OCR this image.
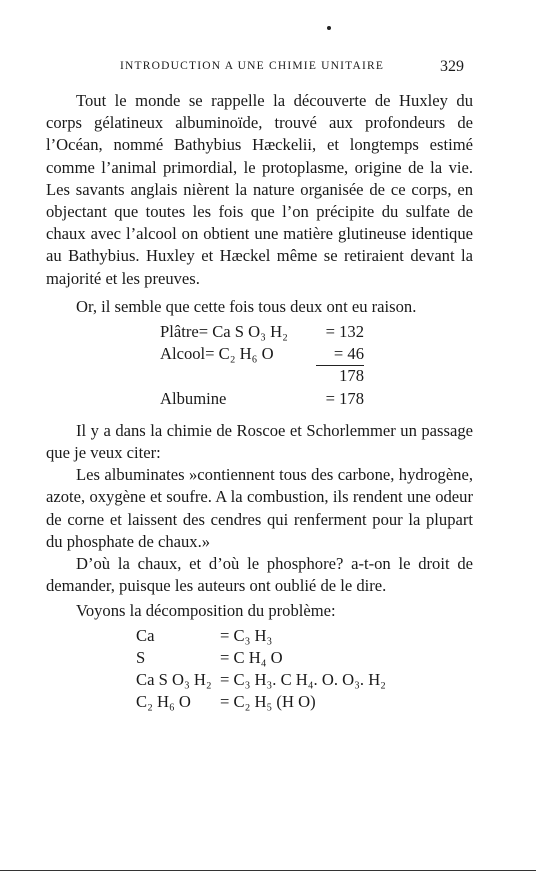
INTRODUCTION A UNE CHIMIE UNITAIRE	329

Tout le monde se rappelle la découverte de Huxley du corps gélatineux albuminoïde, trouvé aux profondeurs de l’Océan, nommé Bathybius Hæckelii, et longtemps estimé comme l’animal primordial, le protoplasme, origine de la vie. Les savants anglais nièrent la nature organisée de ce corps, en objectant que toutes les fois que l’on précipite du sulfate de chaux avec l’alcool on obtient une matière glutineuse identique au Bathybius. Huxley et Hæckel même se retiraient devant la majorité et les preuves.

Or, il semble que cette fois tous deux ont eu raison.

Plâtre= Ca S O₃ H₂	= 132
Alcool= C₂ H₆ O	= 46
178
Albumine	= 178

Il y a dans la chimie de Roscoe et Schorlemmer un passage que je veux citer:

Les albuminates »contiennent tous des carbone, hydrogène, azote, oxygène et soufre. A la combustion, ils rendent une odeur de corne et laissent des cendres qui renferment pour la plupart du phosphate de chaux.»

D’où la chaux, et d’où le phosphore? a-t-on le droit de demander, puisque les auteurs ont oublié de le dire.

Voyons la décomposition du problème:

Ca	= C₃ H₃
S	= C H₄ O
Ca S O₃ H₂ = C₃ H₃. C H₄. O. O₃. H₂
C₂ H₆ O	= C₂ H₅ (H O)
